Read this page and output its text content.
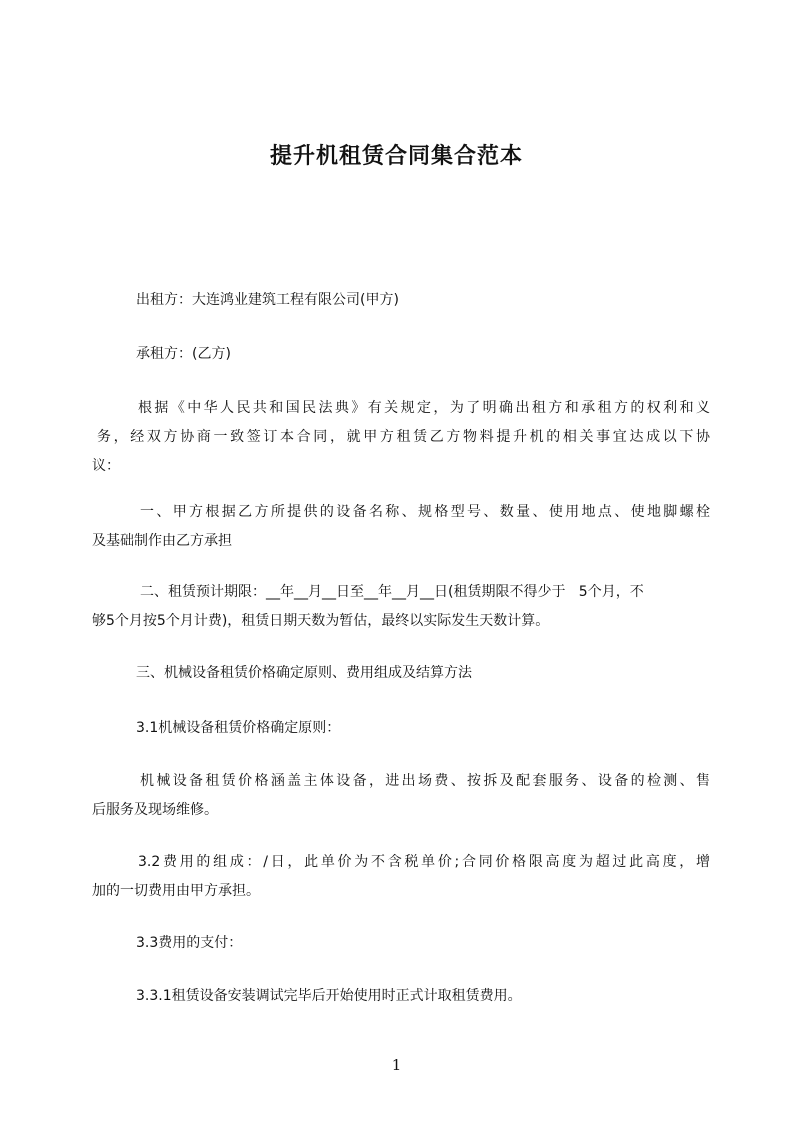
提升机租赁合同集合范本
出租方：大连鸿业建筑工程有限公司(甲方)
承租方：(乙方)
根据《中华人民共和国民法典》有关规定，为了明确出租方和承租方的权利和义
务，经双方协商一致签订本合同，就甲方租赁乙方物料提升机的相关事宜达成以下协
议：
一、甲方根据乙方所提供的设备名称、规格型号、数量、使用地点、使地脚螺栓
及基础制作由乙方承担
二、租赁预计期限：__年__月__日至__年__月__日(租赁期限不得少于   5个月，不
够5个月按5个月计费)，租赁日期天数为暂估，最终以实际发生天数计算。
三、机械设备租赁价格确定原则、费用组成及结算方法
3.1机械设备租赁价格确定原则：
机械设备租赁价格涵盖主体设备，进出场费、按拆及配套服务、设备的检测、售
后服务及现场维修。
3.2费用的组成：/日，此单价为不含税单价;合同价格限高度为超过此高度，增
加的一切费用由甲方承担。
3.3费用的支付：
3.3.1租赁设备安装调试完毕后开始使用时正式计取租赁费用。
1
